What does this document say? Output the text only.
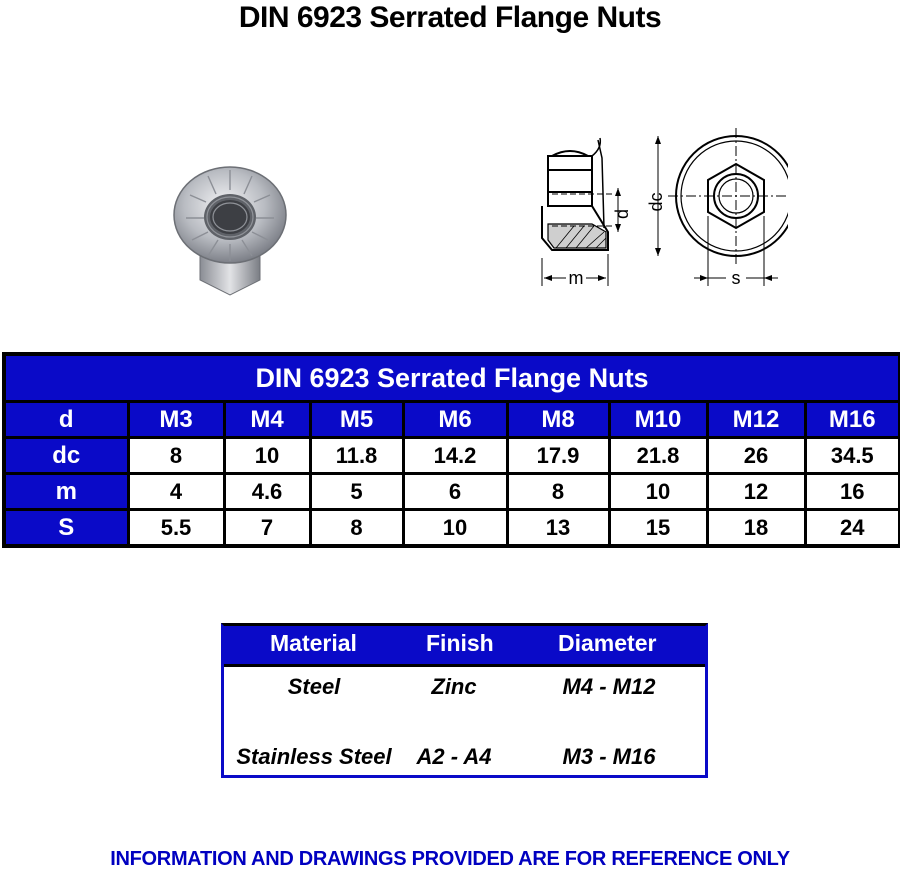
DIN 6923 Serrated Flange Nuts
d
dc
m	s
DIN 6923 Serrated Flange Nuts								
d	M3	M4	M5	M6	M8	M10	M12	M16
dc	8	10	11.8	14.2	17.9	21.8	26	34.5
m	4	4.6	5	6	8	10	12	16
S	5.5	7	8	10	13	15	18	24
Material	Finish	Diameter
Steel	Zinc	M4 - M12
Stainless Steel	A2 - A4	M3 - M16
INFORMATION AND DRAWINGS PROVIDED ARE FOR REFERENCE ONLY
